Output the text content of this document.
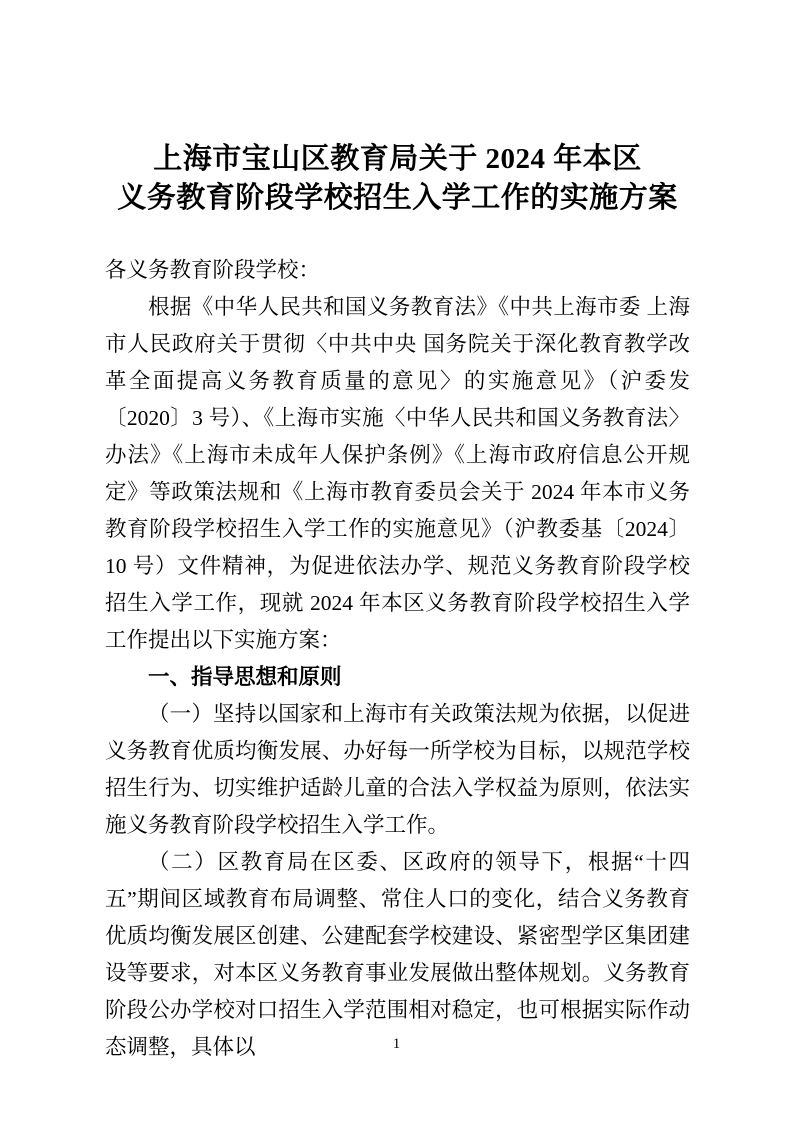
上海市宝山区教育局关于 2024 年本区
义务教育阶段学校招生入学工作的实施方案

各义务教育阶段学校：

根据《中华人民共和国义务教育法》《中共上海市委 上海市人民政府关于贯彻〈中共中央 国务院关于深化教育教学改革全面提高义务教育质量的意见〉的实施意见》（沪委发〔2020〕3 号）、《上海市实施〈中华人民共和国义务教育法〉办法》《上海市未成年人保护条例》《上海市政府信息公开规定》等政策法规和《上海市教育委员会关于 2024 年本市义务教育阶段学校招生入学工作的实施意见》（沪教委基〔2024〕10 号）文件精神，为促进依法办学、规范义务教育阶段学校招生入学工作，现就 2024 年本区义务教育阶段学校招生入学工作提出以下实施方案：

一、指导思想和原则

（一）坚持以国家和上海市有关政策法规为依据，以促进义务教育优质均衡发展、办好每一所学校为目标，以规范学校招生行为、切实维护适龄儿童的合法入学权益为原则，依法实施义务教育阶段学校招生入学工作。

（二）区教育局在区委、区政府的领导下，根据“十四五”期间区域教育布局调整、常住人口的变化，结合义务教育优质均衡发展区创建、公建配套学校建设、紧密型学区集团建设等要求，对本区义务教育事业发展做出整体规划。义务教育阶段公办学校对口招生入学范围相对稳定，也可根据实际作动态调整，具体以	1
